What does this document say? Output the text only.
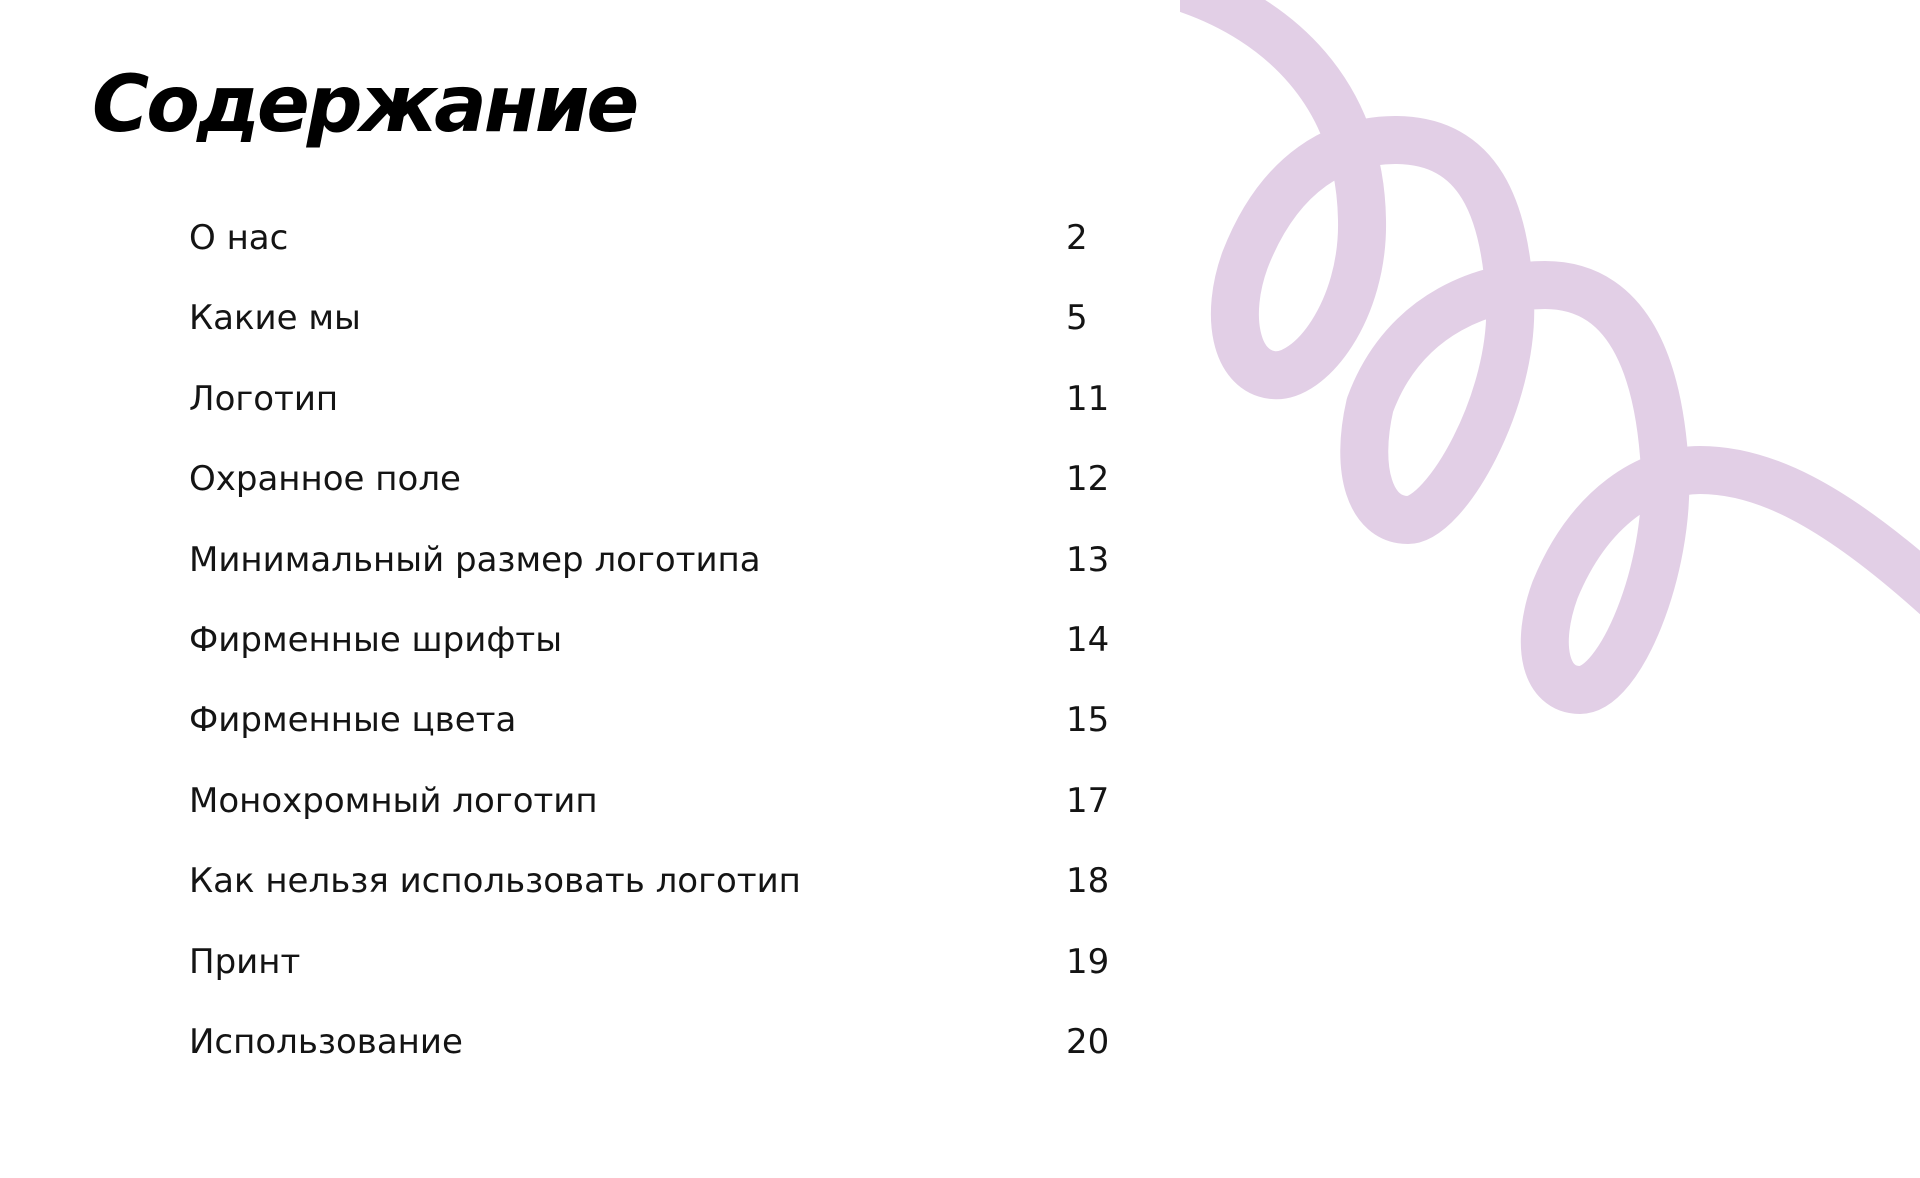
Содержание
О нас	2
Какие мы	5
Логотип	11
Охранное поле	12
Минимальный размер логотипа	13
Фирменные шрифты	14
Фирменные цвета	15
Монохромный логотип	17
Как нельзя использовать логотип	18
Принт	19
Использование	20
